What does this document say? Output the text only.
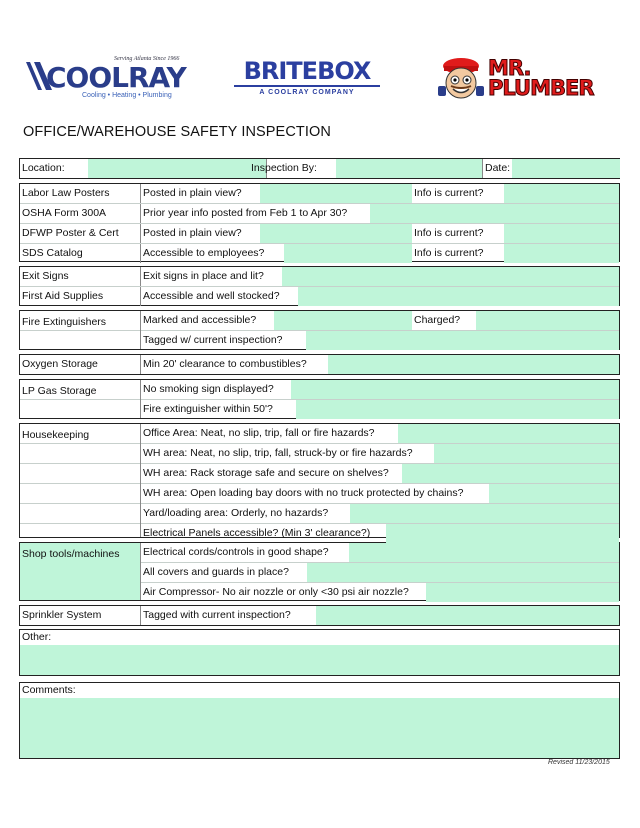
Serving Atlanta Since 1966
COOLRAY
Cooling • Heating • Plumbing
BRITEBOX
A COOLRAY COMPANY
MR.
PLUMBER
OFFICE/WAREHOUSE SAFETY INSPECTION
Location:	Inspection By:	Date:
Labor Law Posters	Posted in plain view?	Info is current?
OSHA Form 300A	Prior year info posted from Feb 1 to Apr 30?
DFWP Poster & Cert	Posted in plain view?	Info is current?
SDS Catalog	Accessible to employees?	Info is current?
Exit Signs	Exit signs in place and lit?
First Aid Supplies	Accessible and well stocked?
Fire Extinguishers	Marked and accessible?	Charged?
Tagged w/ current inspection?
Oxygen Storage	Min 20' clearance to combustibles?
LP Gas Storage	No smoking sign displayed?
Fire extinguisher within 50'?
Housekeeping	Office Area: Neat, no slip, trip, fall or fire hazards?
WH area: Neat, no slip, trip, fall, struck-by or fire hazards?
WH area: Rack storage safe and secure on shelves?
WH area: Open loading bay doors with no truck protected by chains?
Yard/loading area: Orderly, no hazards?
Electrical Panels accessible? (Min 3' clearance?)
Shop tools/machines	Electrical cords/controls in good shape?
All covers and guards in place?
Air Compressor- No air nozzle or only <30 psi air nozzle?
Sprinkler System	Tagged with current inspection?
Other:
Comments:
Revised 11/23/2015
